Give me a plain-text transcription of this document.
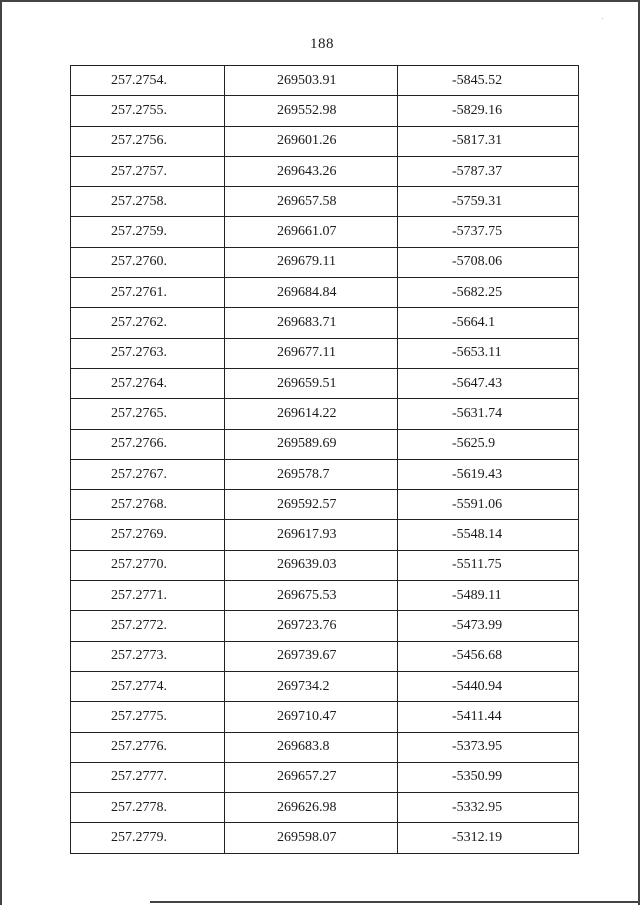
188
257.2754.	269503.91	-5845.52
257.2755.	269552.98	-5829.16
257.2756.	269601.26	-5817.31
257.2757.	269643.26	-5787.37
257.2758.	269657.58	-5759.31
257.2759.	269661.07	-5737.75
257.2760.	269679.11	-5708.06
257.2761.	269684.84	-5682.25
257.2762.	269683.71	-5664.1
257.2763.	269677.11	-5653.11
257.2764.	269659.51	-5647.43
257.2765.	269614.22	-5631.74
257.2766.	269589.69	-5625.9
257.2767.	269578.7	-5619.43
257.2768.	269592.57	-5591.06
257.2769.	269617.93	-5548.14
257.2770.	269639.03	-5511.75
257.2771.	269675.53	-5489.11
257.2772.	269723.76	-5473.99
257.2773.	269739.67	-5456.68
257.2774.	269734.2	-5440.94
257.2775.	269710.47	-5411.44
257.2776.	269683.8	-5373.95
257.2777.	269657.27	-5350.99
257.2778.	269626.98	-5332.95
257.2779.	269598.07	-5312.19
